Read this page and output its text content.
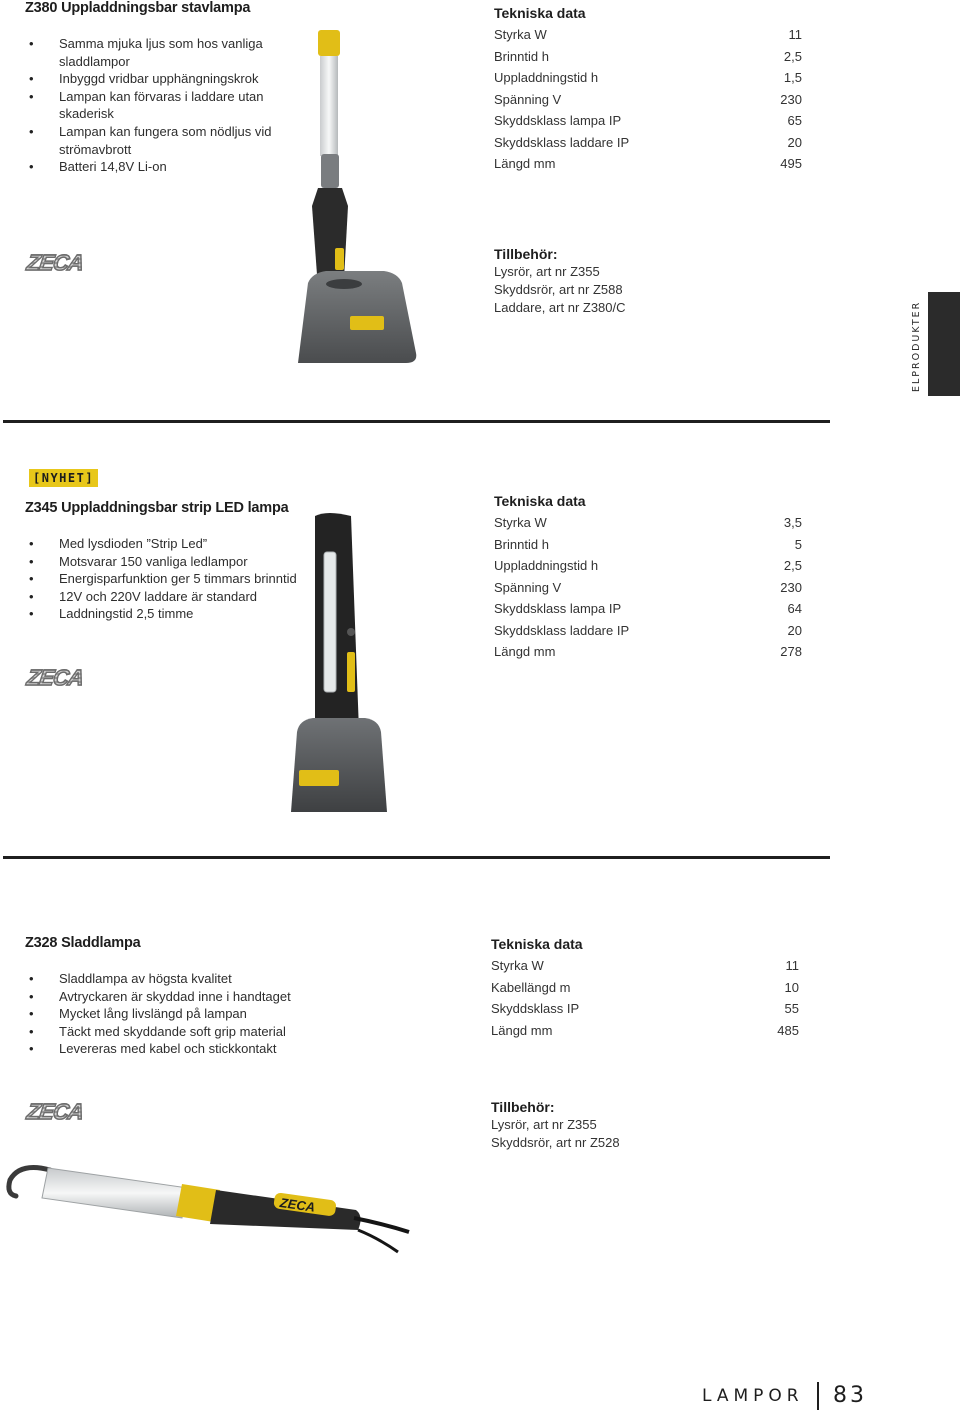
Z380 Uppladdningsbar stavlampa
• Samma mjuka ljus som hos vanliga sladdlampor
• Inbyggd vridbar upphängningskrok
• Lampan kan förvaras i laddare utan skaderisk
• Lampan kan fungera som nödljus vid strömavbrott
• Batteri 14,8V Li-on
ZECA
Tekniska data
Styrka W	11
Brinntid h	2,5
Uppladdningstid h	1,5
Spänning V	230
Skyddsklass lampa IP	65
Skyddsklass laddare IP	20
Längd mm	495
Tillbehör:
Lysrör, art nr Z355
Skyddsrör, art nr Z588
Laddare, art nr Z380/C	ELPRODUKTER
[NYHET]
Z345 Uppladdningsbar strip LED lampa
• Med lysdioden ”Strip Led”
• Motsvarar 150 vanliga ledlampor
• Energisparfunktion ger 5 timmars brinntid
• 12V och 220V laddare är standard
• Laddningstid 2,5 timme
ZECA
Tekniska data
Styrka W	3,5
Brinntid h	5
Uppladdningstid h	2,5
Spänning V	230
Skyddsklass lampa IP	64
Skyddsklass laddare IP	20
Längd mm	278
Z328 Sladdlampa
• Sladdlampa av högsta kvalitet
• Avtryckaren är skyddad inne i handtaget
• Mycket lång livslängd på lampan
• Täckt med skyddande soft grip material
• Levereras med kabel och stickkontakt
Tekniska data
Styrka W	11
Kabellängd m	10
Skyddsklass IP	55
Längd mm	485
ZECA	Tillbehör:
Lysrör, art nr Z355
Skyddsrör, art nr Z528
ZECA
LAMPOR 83
